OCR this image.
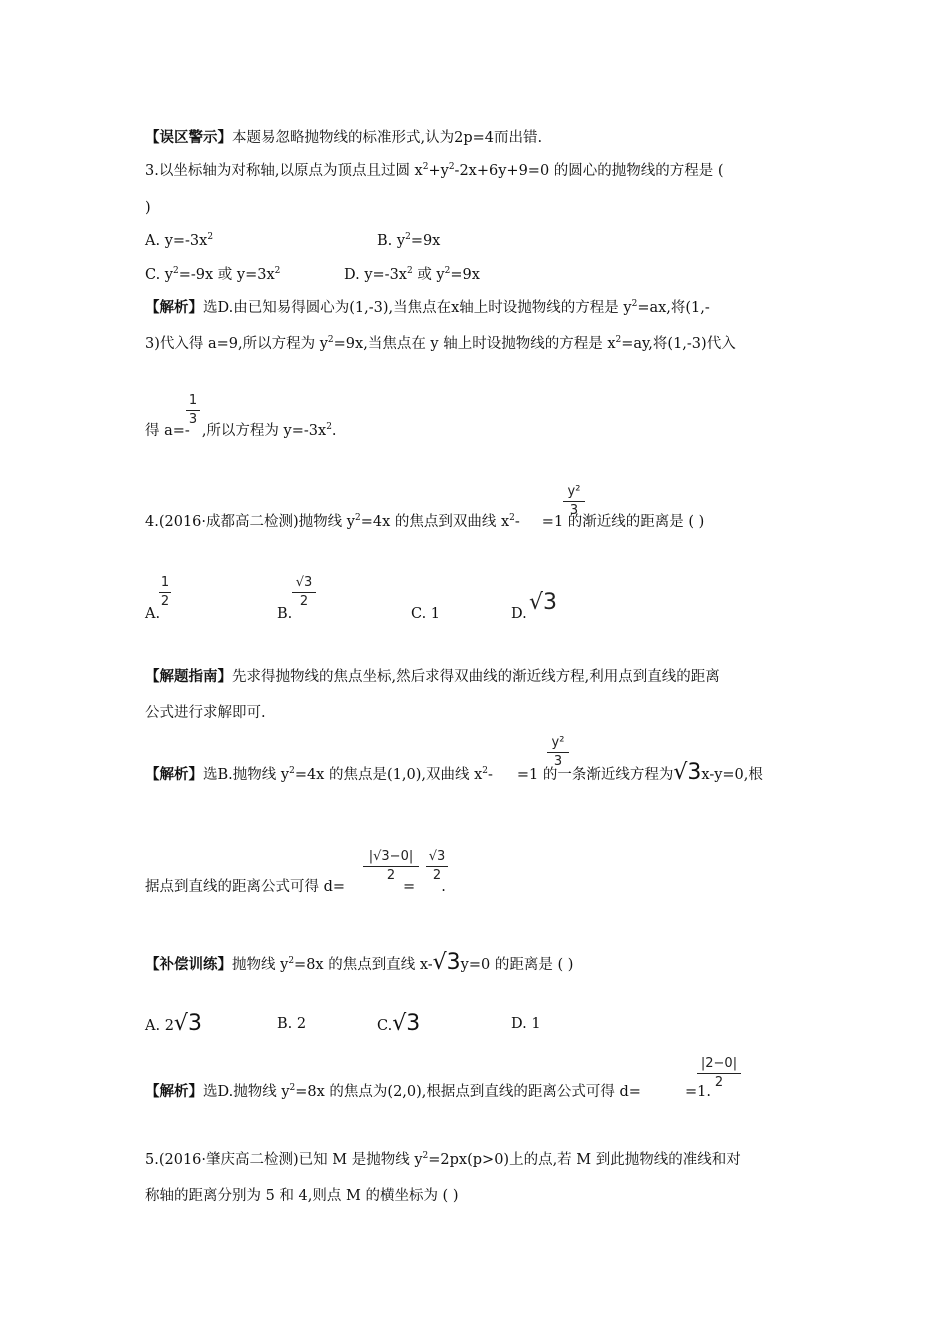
【误区警示】本题易忽略抛物线的标准形式,认为2p=4而出错.
3.以坐标轴为对称轴,以原点为顶点且过圆 $x^2+y^2-2x+6y+9=0$ 的圆心的抛物线的方程是 (
)
A. $y=-3x^2$	B. $y^2=9x$
C. $y^2=-9x$ 或 $y=3x^2$	D. $y=-3x^2$ 或 $y^2=9x$
【解析】选D.由已知易得圆心为(1,-3),当焦点在x轴上时设抛物线的方程是 $y^2=ax$,将(1,-
3)代入得 a=9,所以方程为 $y^2=9x$,当焦点在 y 轴上时设抛物线的方程是 $x^2=ay$,将(1,-3)代入
1
3
得 a=- ,所以方程为 $y=-3x^2$.
y²
3
4.(2016·成都高二检测)抛物线 $y^2=4x$ 的焦点到双曲线 $x^2- =1$ 的渐近线的距离是 ( )
A.
1
2
B.
√3
2
C. 1	D. √3
【解题指南】先求得抛物线的焦点坐标,然后求得双曲线的渐近线方程,利用点到直线的距离
公式进行求解即可.
y²
3
【解析】选B.抛物线 $y^2=4x$ 的焦点是(1,0),双曲线 $x^2- =1$ 的一条渐近线方程为√3x-y=0,根
|√3−0|
2
√3
2
据点到直线的距离公式可得 d=	= .
【补偿训练】抛物线 $y^2=8x$ 的焦点到直线 x-√3y=0 的距离是 ( )
A. 2√3	B. 2	C.√3	D. 1
|2−0|
2
【解析】选D.抛物线 $y^2=8x$ 的焦点为(2,0),根据点到直线的距离公式可得 d=	=1.
5.(2016·肇庆高二检测)已知 M 是抛物线 $y^2=2px(p>0)$上的点,若 M 到此抛物线的准线和对
称轴的距离分别为 5 和 4,则点 M 的横坐标为 ( )
